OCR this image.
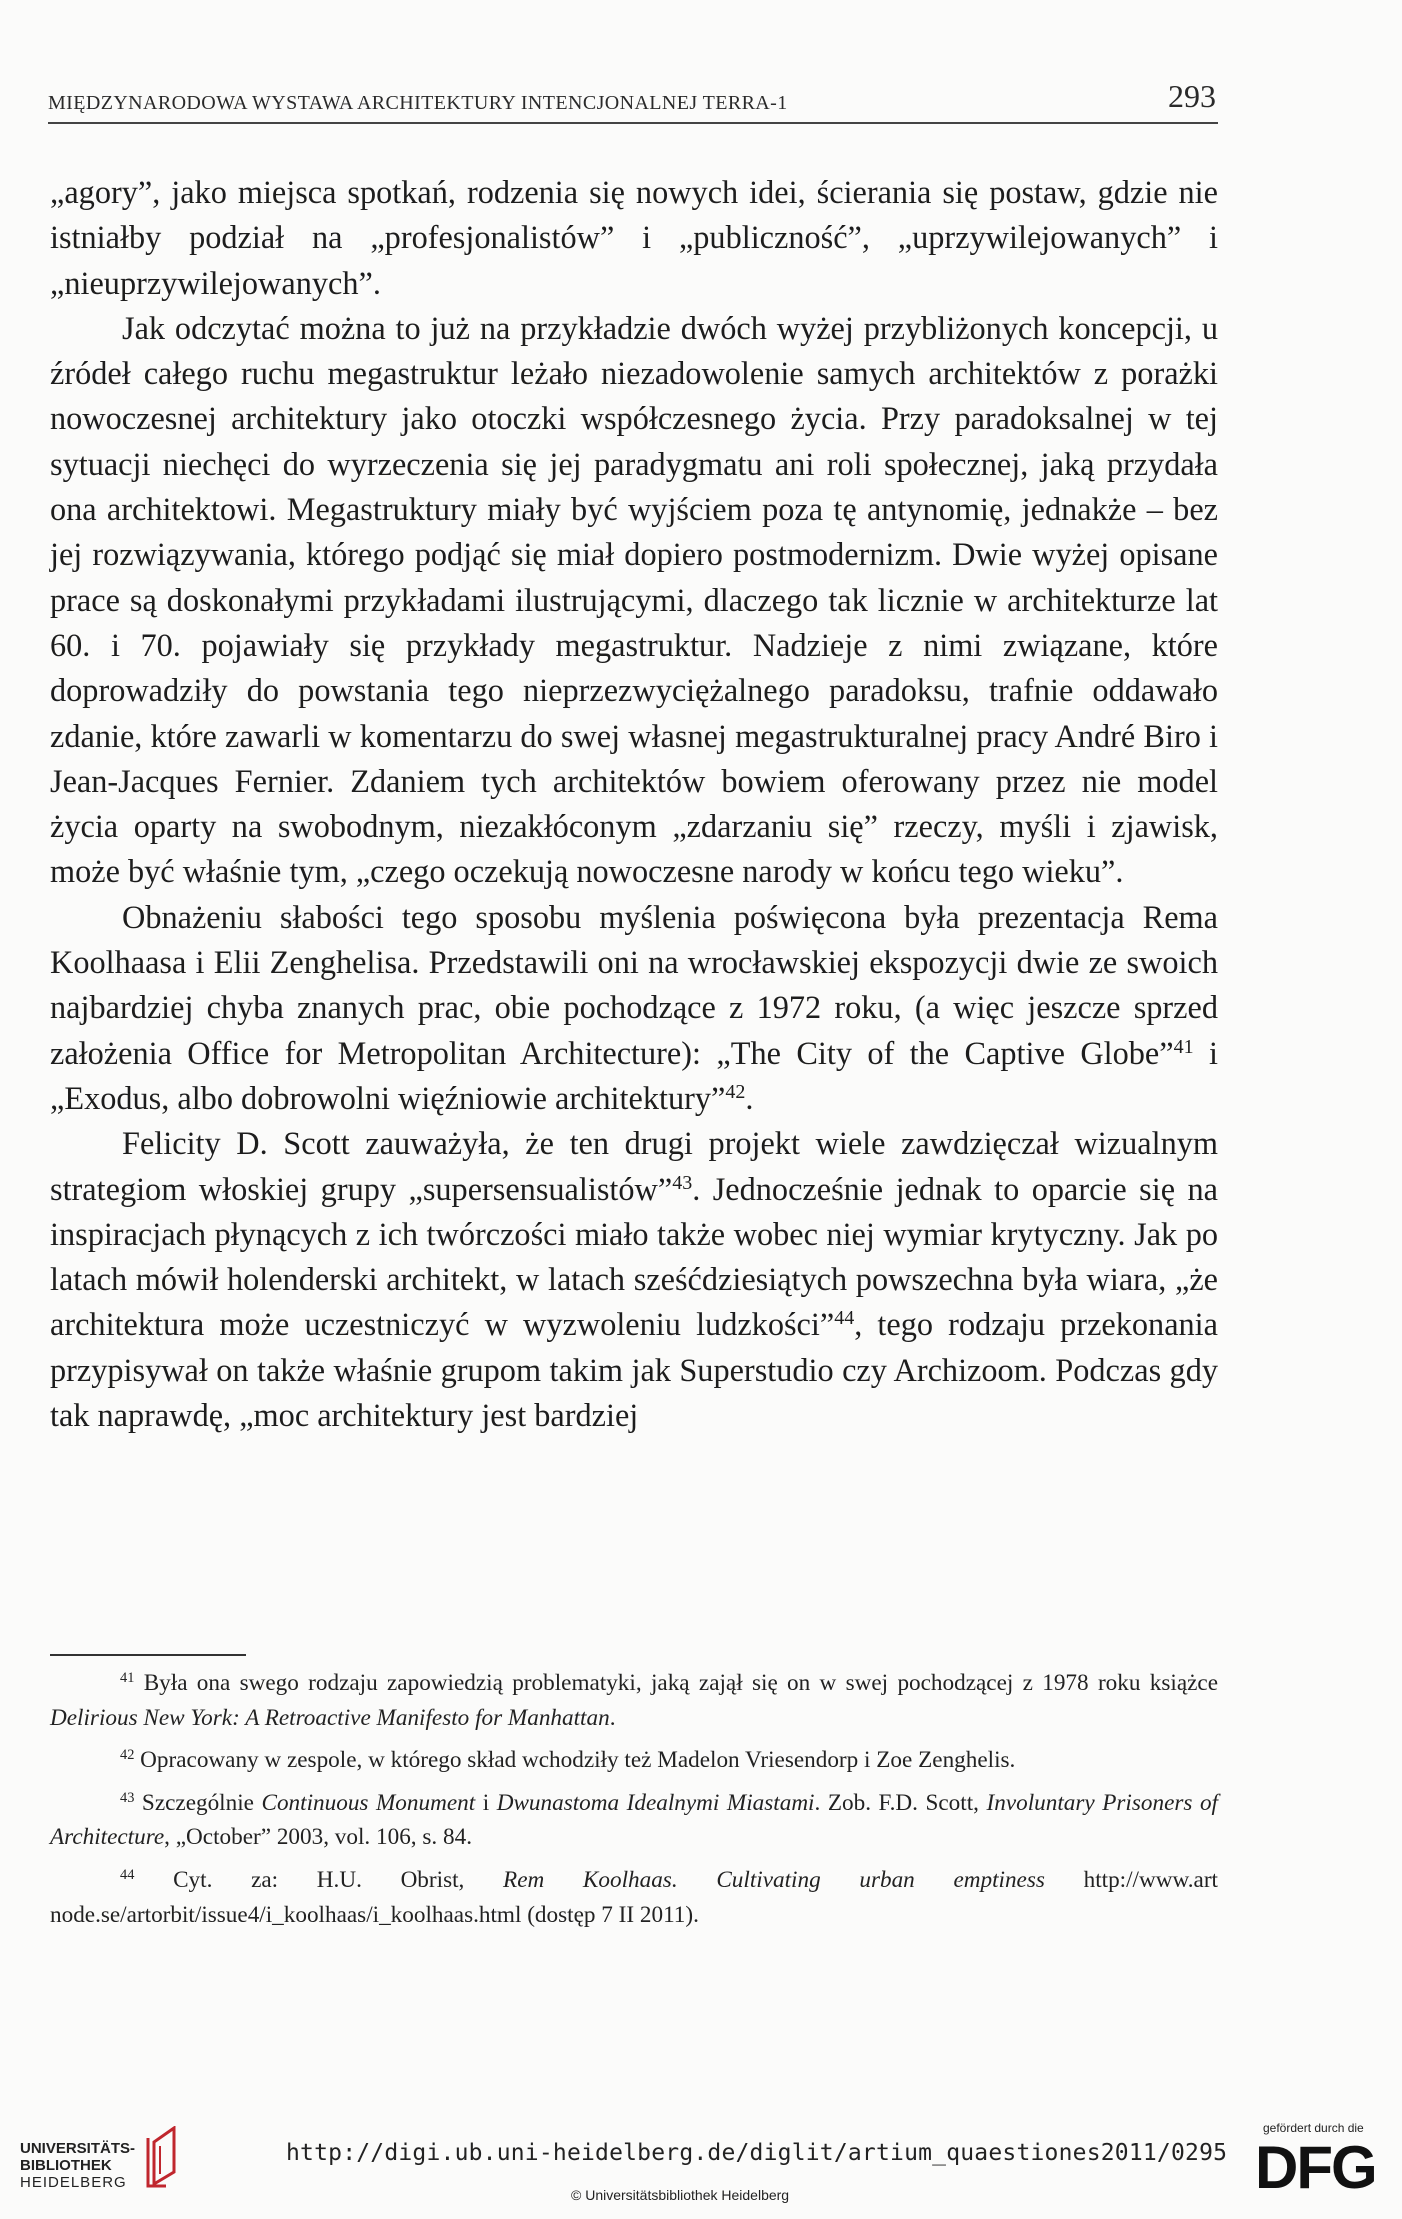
MIĘDZYNARODOWA WYSTAWA ARCHITEKTURY INTENCJONALNEJ TERRA-1	293

„agory”, jako miejsca spotkań, rodzenia się nowych idei, ścierania się postaw, gdzie nie istniałby podział na „profesjonalistów” i „publiczność”, „uprzywilejowanych” i „nieuprzywilejowanych”.

Jak odczytać można to już na przykładzie dwóch wyżej przybliżonych koncepcji, u źródeł całego ruchu megastruktur leżało niezadowolenie samych architektów z porażki nowoczesnej architektury jako otoczki współczesnego życia. Przy paradoksalnej w tej sytuacji niechęci do wyrzeczenia się jej paradygmatu ani roli społecznej, jaką przydała ona architektowi. Megastruktury miały być wyjściem poza tę antynomię, jednakże – bez jej rozwiązywania, którego podjąć się miał dopiero postmodernizm. Dwie wyżej opisane prace są doskonałymi przykładami ilustrującymi, dlaczego tak licznie w architekturze lat 60. i 70. pojawiały się przykłady megastruktur. Nadzieje z nimi związane, które doprowadziły do powstania tego nieprzezwyciężalnego paradoksu, trafnie oddawało zdanie, które zawarli w komentarzu do swej własnej megastrukturalnej pracy André Biro i Jean-Jacques Fernier. Zdaniem tych architektów bowiem oferowany przez nie model życia oparty na swobodnym, niezakłóconym „zdarzaniu się” rzeczy, myśli i zjawisk, może być właśnie tym, „czego oczekują nowoczesne narody w końcu tego wieku”.

Obnażeniu słabości tego sposobu myślenia poświęcona była prezentacja Rema Koolhaasa i Elii Zenghelisa. Przedstawili oni na wrocławskiej ekspozycji dwie ze swoich najbardziej chyba znanych prac, obie pochodzące z 1972 roku, (a więc jeszcze sprzed założenia Office for Metropolitan Architecture): „The City of the Captive Globe”$^{41}$ i „Exodus, albo dobrowolni więźniowie architektury”$^{42}$.

Felicity D. Scott zauważyła, że ten drugi projekt wiele zawdzięczał wizualnym strategiom włoskiej grupy „supersensualistów”$^{43}$. Jednocześnie jednak to oparcie się na inspiracjach płynących z ich twórczości miało także wobec niej wymiar krytyczny. Jak po latach mówił holenderski architekt, w latach sześćdziesiątych powszechna była wiara, „że architektura może uczestniczyć w wyzwoleniu ludzkości”$^{44}$, tego rodzaju przekonania przypisywał on także właśnie grupom takim jak Superstudio czy Archizoom. Podczas gdy tak naprawdę, „moc architektury jest bardziej

$^{41}$ Była ona swego rodzaju zapowiedzią problematyki, jaką zajął się on w swej pochodzącej z 1978 roku książce Delirious New York: A Retroactive Manifesto for Manhattan.

$^{42}$ Opracowany w zespole, w którego skład wchodziły też Madelon Vriesendorp i Zoe Zenghelis.

$^{43}$ Szczególnie Continuous Monument i Dwunastoma Idealnymi Miastami. Zob. F.D. Scott, Involuntary Prisoners of Architecture, „October” 2003, vol. 106, s. 84.

$^{44}$ Cyt. za: H.U. Obrist, Rem Koolhaas. Cultivating urban emptiness http://www.art node.se/artorbit/issue4/i_koolhaas/i_koolhaas.html (dostęp 7 II 2011).

UNIVERSITÄTS-
BIBLIOTHEK
HEIDELBERG
http://digi.ub.uni-heidelberg.de/diglit/artium_quaestiones2011/0295
© Universitätsbibliothek Heidelberg
gefördert durch die
DFG
